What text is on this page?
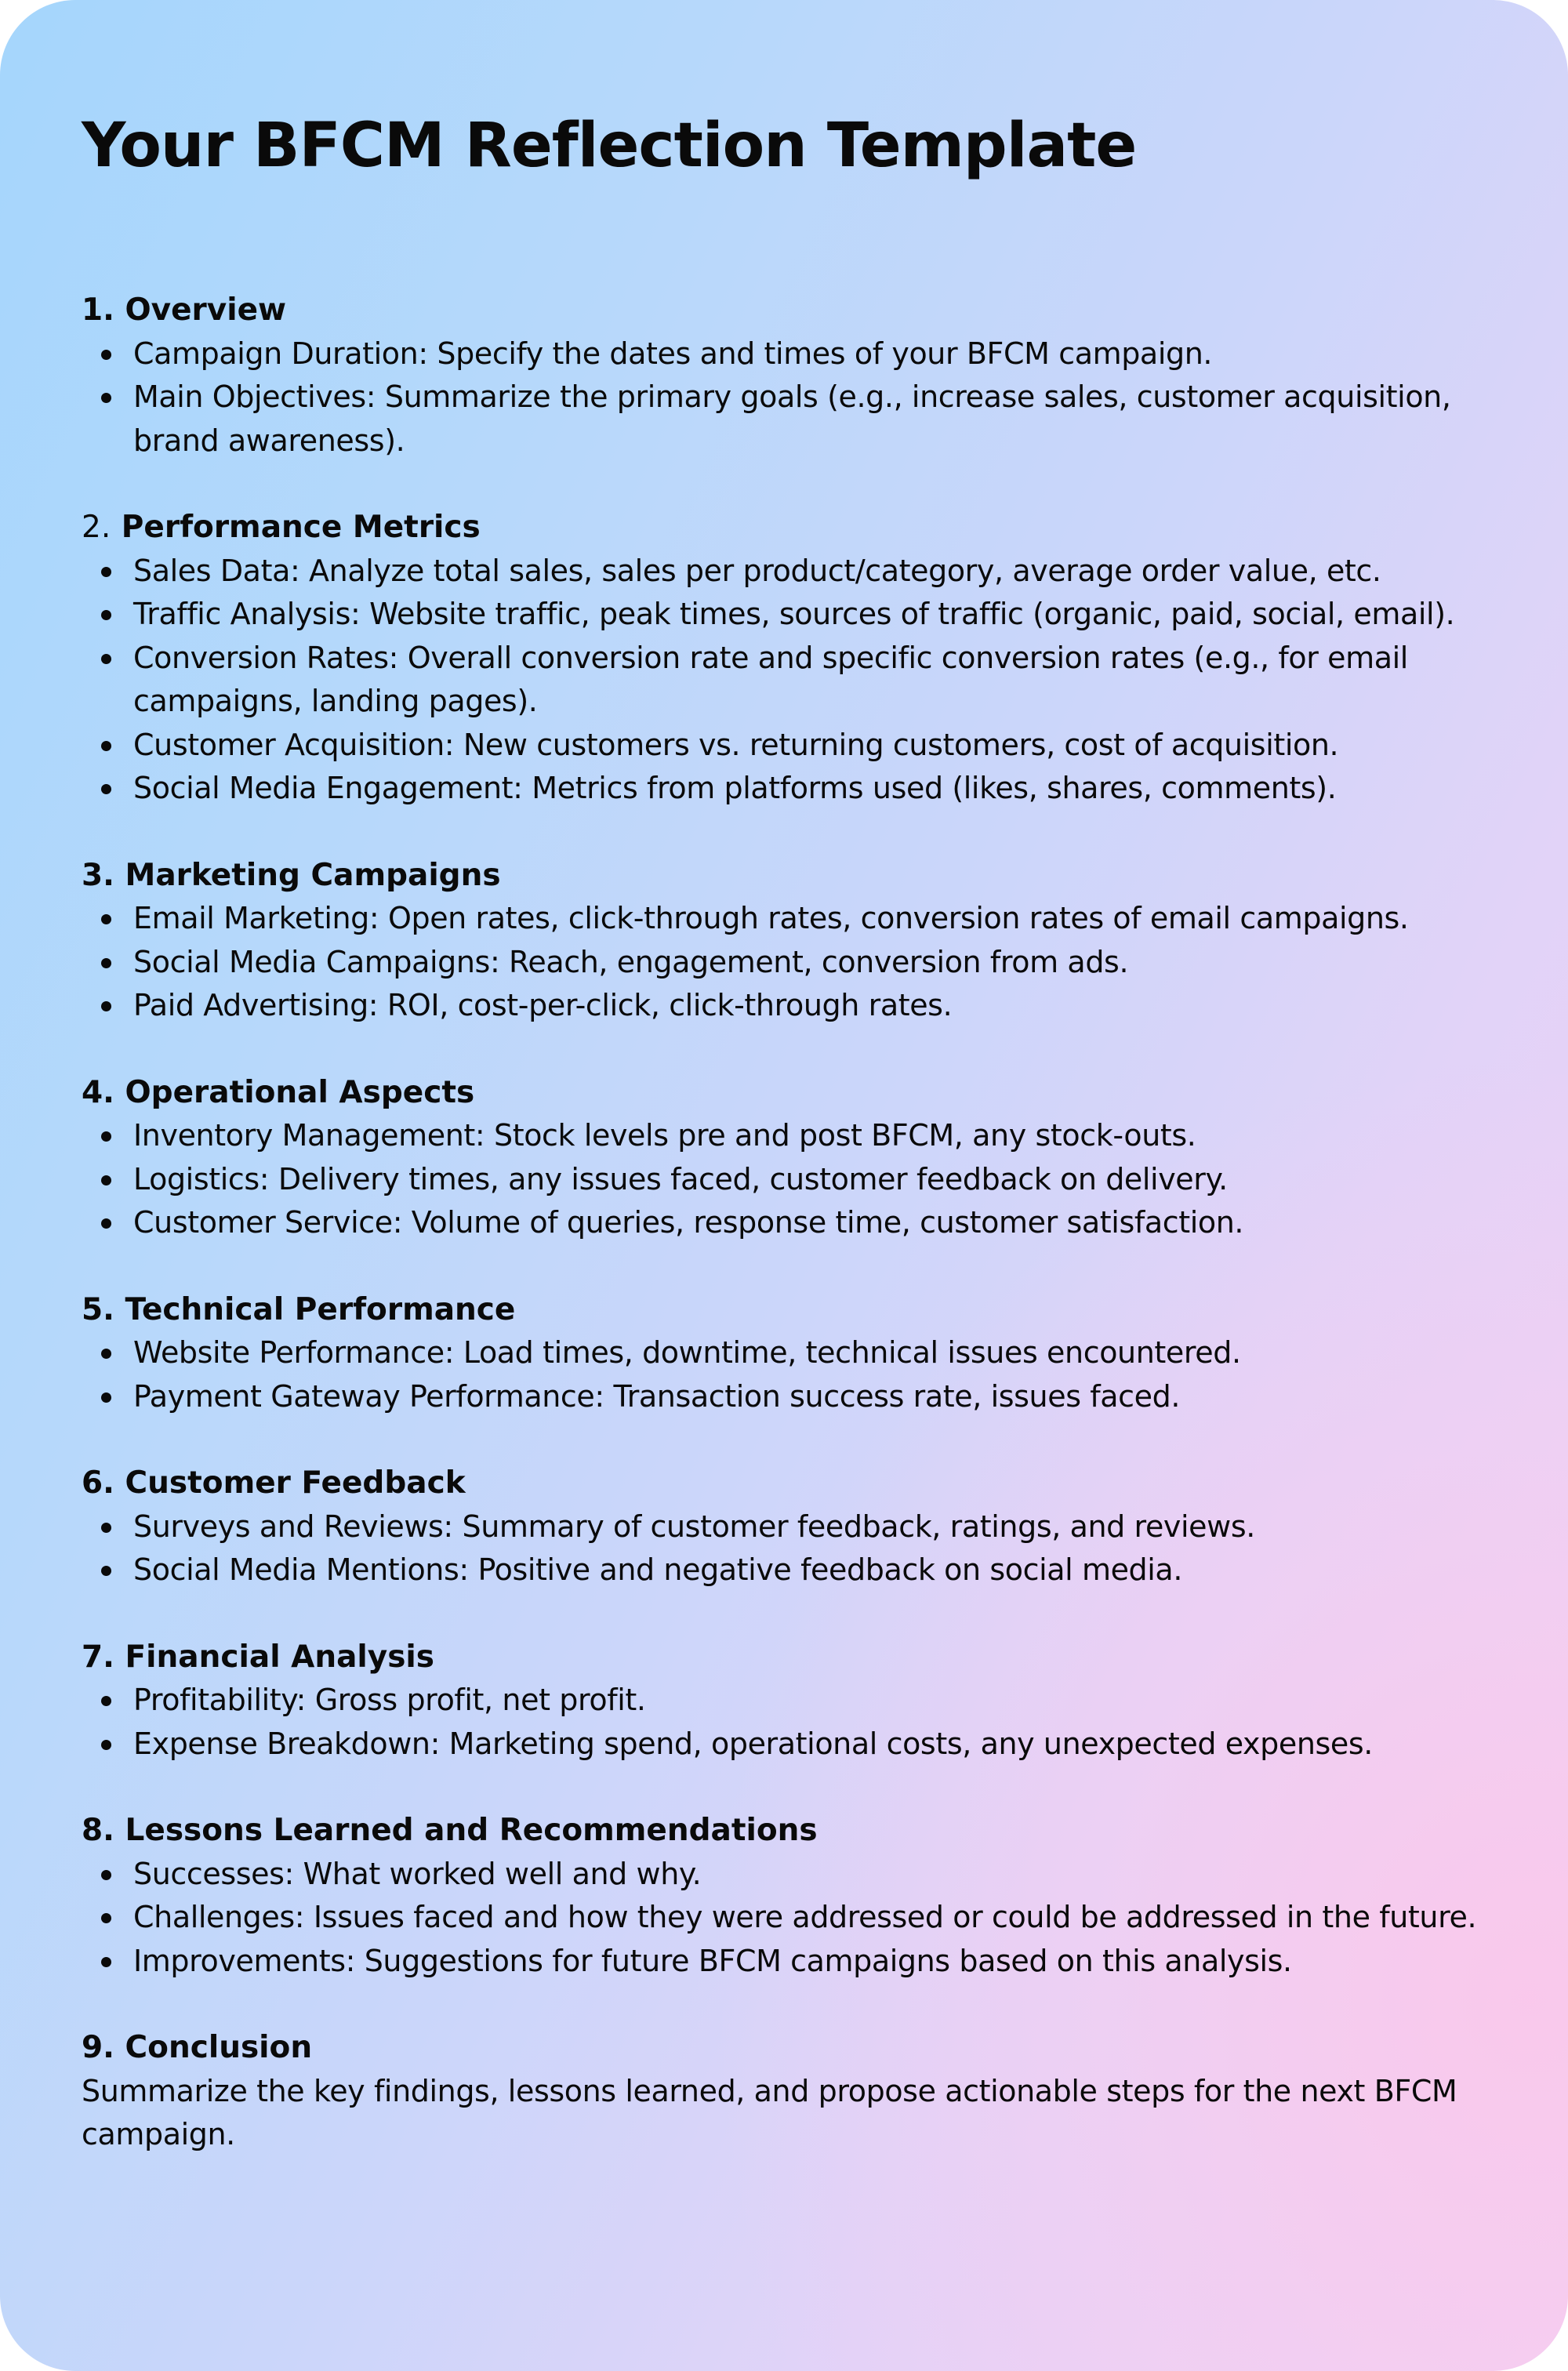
Your BFCM Reflection Template
1. Overview
Campaign Duration: Specify the dates and times of your BFCM campaign.
Main Objectives: Summarize the primary goals (e.g., increase sales, customer acquisition, brand awareness).
2. Performance Metrics
Sales Data: Analyze total sales, sales per product/category, average order value, etc.
Traffic Analysis: Website traffic, peak times, sources of traffic (organic, paid, social, email).
Conversion Rates: Overall conversion rate and specific conversion rates (e.g., for email campaigns, landing pages).
Customer Acquisition: New customers vs. returning customers, cost of acquisition.
Social Media Engagement: Metrics from platforms used (likes, shares, comments).
3. Marketing Campaigns
Email Marketing: Open rates, click-through rates, conversion rates of email campaigns.
Social Media Campaigns: Reach, engagement, conversion from ads.
Paid Advertising: ROI, cost-per-click, click-through rates.
4. Operational Aspects
Inventory Management: Stock levels pre and post BFCM, any stock-outs.
Logistics: Delivery times, any issues faced, customer feedback on delivery.
Customer Service: Volume of queries, response time, customer satisfaction.
5. Technical Performance
Website Performance: Load times, downtime, technical issues encountered.
Payment Gateway Performance: Transaction success rate, issues faced.
6. Customer Feedback
Surveys and Reviews: Summary of customer feedback, ratings, and reviews.
Social Media Mentions: Positive and negative feedback on social media.
7. Financial Analysis
Profitability: Gross profit, net profit.
Expense Breakdown: Marketing spend, operational costs, any unexpected expenses.
8. Lessons Learned and Recommendations
Successes: What worked well and why.
Challenges: Issues faced and how they were addressed or could be addressed in the future.
Improvements: Suggestions for future BFCM campaigns based on this analysis.
9. Conclusion

Summarize the key findings, lessons learned, and propose actionable steps for the next BFCM campaign.
